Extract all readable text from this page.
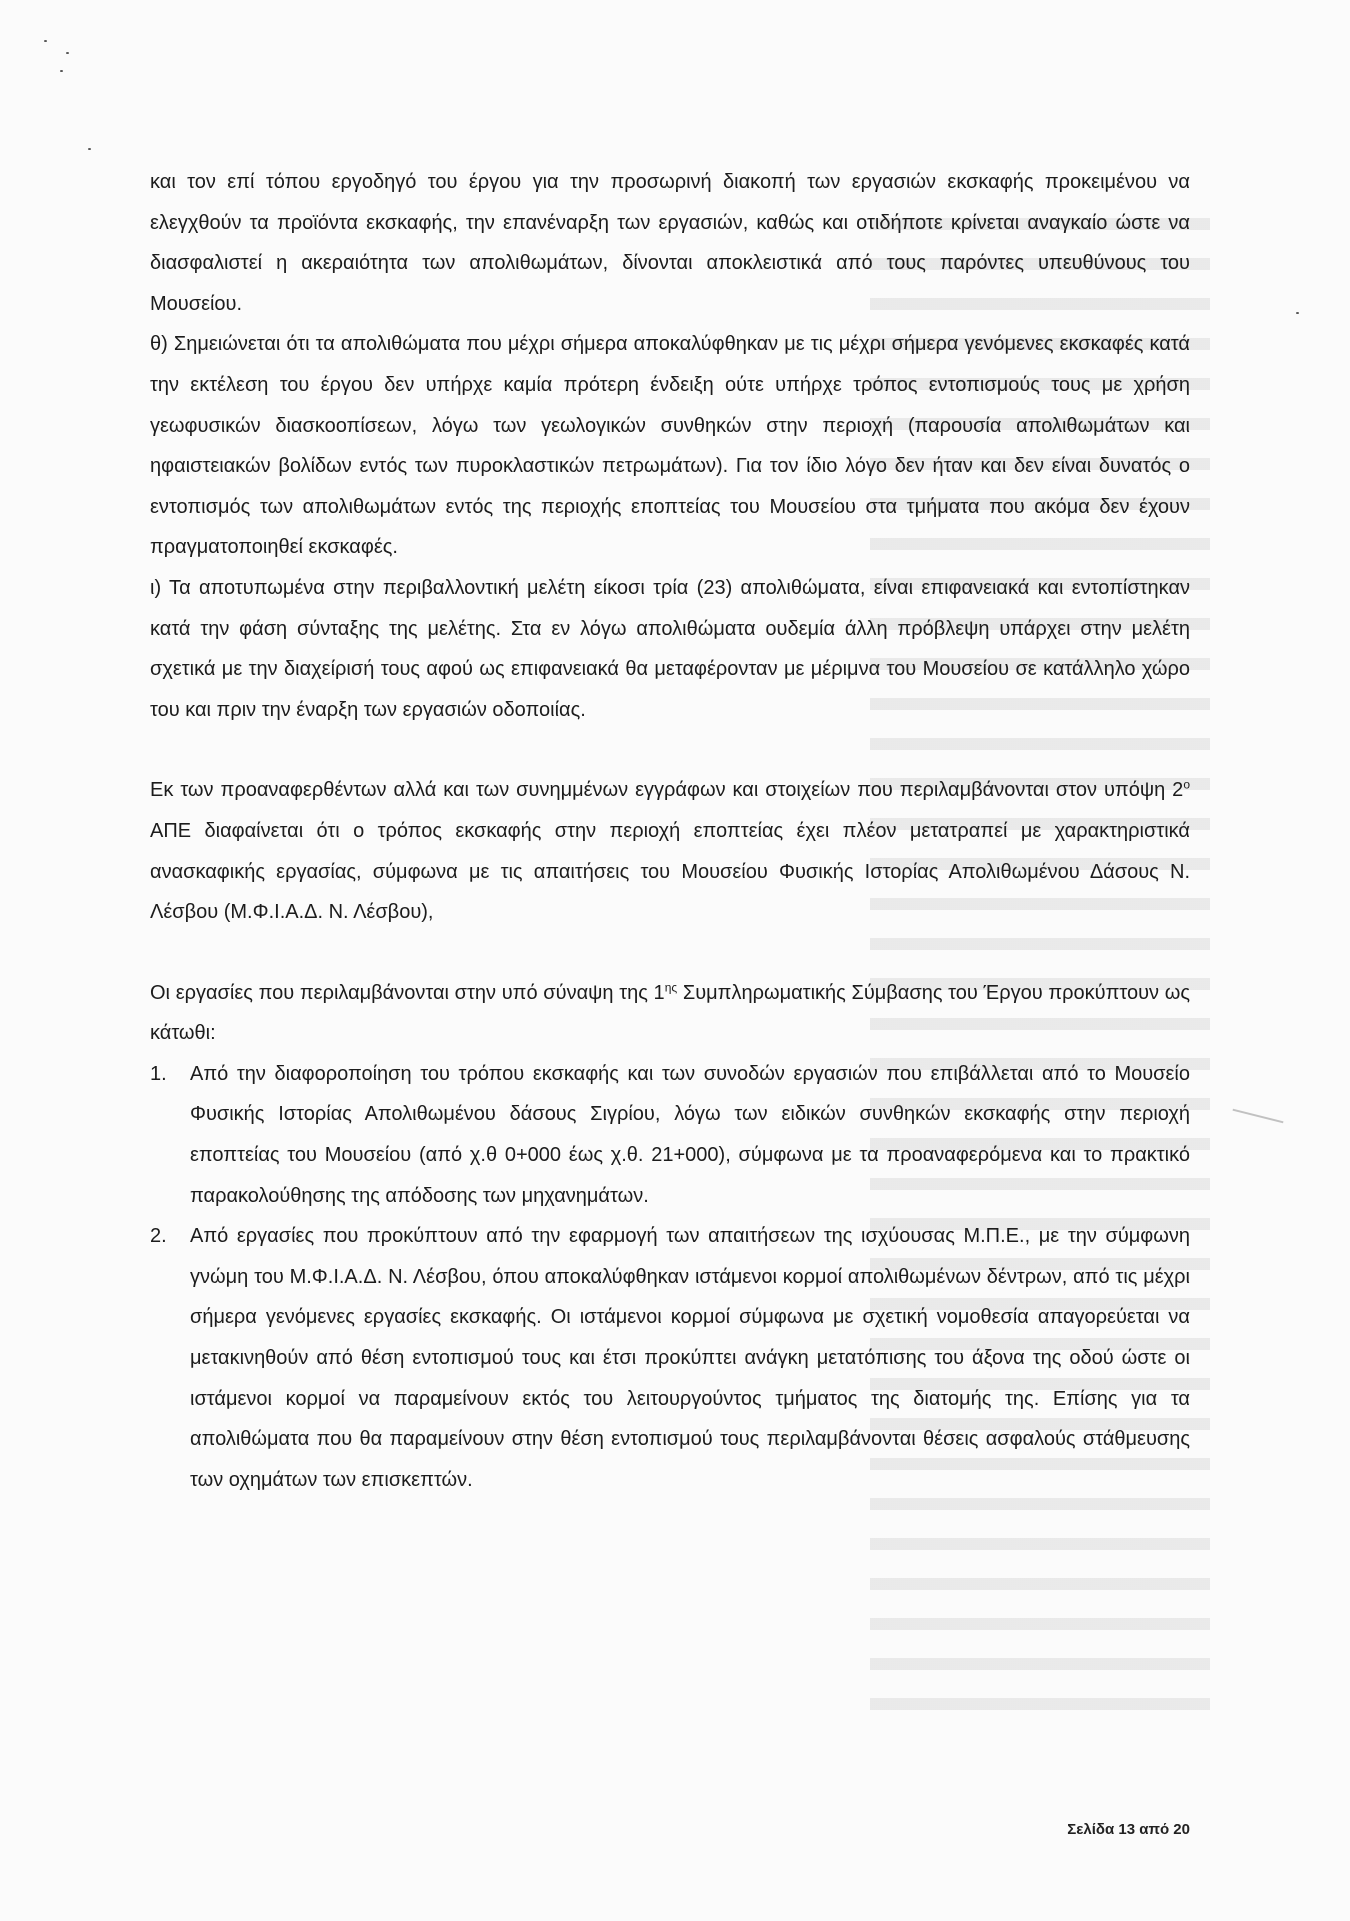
και τον επί τόπου εργοδηγό του έργου για την προσωρινή διακοπή των εργασιών εκσκαφής προκειμένου να ελεγχθούν τα προϊόντα εκσκαφής, την επανέναρξη των εργασιών, καθώς και οτιδήποτε κρίνεται αναγκαίο ώστε να διασφαλιστεί η ακεραιότητα των απολιθωμάτων, δίνονται αποκλειστικά από τους παρόντες υπευθύνους του Μουσείου.

θ) Σημειώνεται ότι τα απολιθώματα που μέχρι σήμερα αποκαλύφθηκαν με τις μέχρι σήμερα γενόμενες εκσκαφές κατά την εκτέλεση του έργου δεν υπήρχε καμία πρότερη ένδειξη ούτε υπήρχε τρόπος εντοπισμούς τους με χρήση γεωφυσικών διασκοοπίσεων, λόγω των γεωλογικών συνθηκών στην περιοχή (παρουσία απολιθωμάτων και ηφαιστειακών βολίδων εντός των πυροκλαστικών πετρωμάτων). Για τον ίδιο λόγο δεν ήταν και δεν είναι δυνατός ο εντοπισμός των απολιθωμάτων εντός της περιοχής εποπτείας του Μουσείου στα τμήματα που ακόμα δεν έχουν πραγματοποιηθεί εκσκαφές.

ι) Τα αποτυπωμένα στην περιβαλλοντική μελέτη είκοσι τρία (23) απολιθώματα, είναι επιφανειακά και εντοπίστηκαν κατά την φάση σύνταξης της μελέτης. Στα εν λόγω απολιθώματα ουδεμία άλλη πρόβλεψη υπάρχει στην μελέτη σχετικά με την διαχείρισή τους αφού ως επιφανειακά θα μεταφέρονταν με μέριμνα του Μουσείου σε κατάλληλο χώρο του και πριν την έναρξη των εργασιών οδοποιίας.

Εκ των προαναφερθέντων αλλά και των συνημμένων εγγράφων και στοιχείων που περιλαμβάνονται στον υπόψη $2^o$ ΑΠΕ διαφαίνεται ότι ο τρόπος εκσκαφής στην περιοχή εποπτείας έχει πλέον μετατραπεί με χαρακτηριστικά ανασκαφικής εργασίας, σύμφωνα με τις απαιτήσεις του Μουσείου Φυσικής Ιστορίας Απολιθωμένου Δάσους Ν. Λέσβου (Μ.Φ.Ι.Α.Δ. Ν. Λέσβου),

Οι εργασίες που περιλαμβάνονται στην υπό σύναψη της $1^{\eta\varsigma}$ Συμπληρωματικής Σύμβασης του Έργου προκύπτουν ως κάτωθι:

1. Από την διαφοροποίηση του τρόπου εκσκαφής και των συνοδών εργασιών που επιβάλλεται από το Μουσείο Φυσικής Ιστορίας Απολιθωμένου δάσους Σιγρίου, λόγω των ειδικών συνθηκών εκσκαφής στην περιοχή εποπτείας του Μουσείου (από χ.θ 0+000 έως χ.θ. 21+000), σύμφωνα με τα προαναφερόμενα και το πρακτικό παρακολούθησης της απόδοσης των μηχανημάτων.
2. Από εργασίες που προκύπτουν από την εφαρμογή των απαιτήσεων της ισχύουσας Μ.Π.Ε., με την σύμφωνη γνώμη του Μ.Φ.Ι.Α.Δ. Ν. Λέσβου, όπου αποκαλύφθηκαν ιστάμενοι κορμοί απολιθωμένων δέντρων, από τις μέχρι σήμερα γενόμενες εργασίες εκσκαφής. Οι ιστάμενοι κορμοί σύμφωνα με σχετική νομοθεσία απαγορεύεται να μετακινηθούν από θέση εντοπισμού τους και έτσι προκύπτει ανάγκη μετατόπισης του άξονα της οδού ώστε οι ιστάμενοι κορμοί να παραμείνουν εκτός του λειτουργούντος τμήματος της διατομής της. Επίσης για τα απολιθώματα που θα παραμείνουν στην θέση εντοπισμού τους περιλαμβάνονται θέσεις ασφαλούς στάθμευσης των οχημάτων των επισκεπτών.
Σελίδα 13 από 20
